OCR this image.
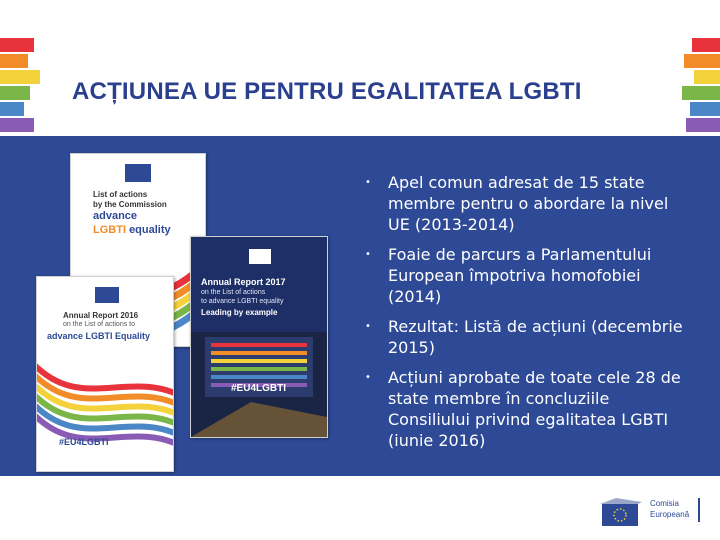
ACȚIUNEA UE PENTRU EGALITATEA LGBTI
List of actions
by the Commission
advance
LGBTI equality
Annual Report 2017
on the List of actions
to advance LGBTI equality
Leading by example
#EU4LGBTI
Annual Report 2016
on the List of actions to
advance LGBTI Equality
#EU4LGBTI
• Apel comun adresat de 15 state membre pentru o abordare la nivel UE (2013-2014)
• Foaie de parcurs a Parlamentului European împotriva homofobiei (2014)
• Rezultat: Listă de acțiuni (decembrie 2015)
• Acțiuni aprobate de toate cele 28 de state membre în concluziile Consiliului privind egalitatea LGBTI (iunie 2016)
Comisia
Europeană
